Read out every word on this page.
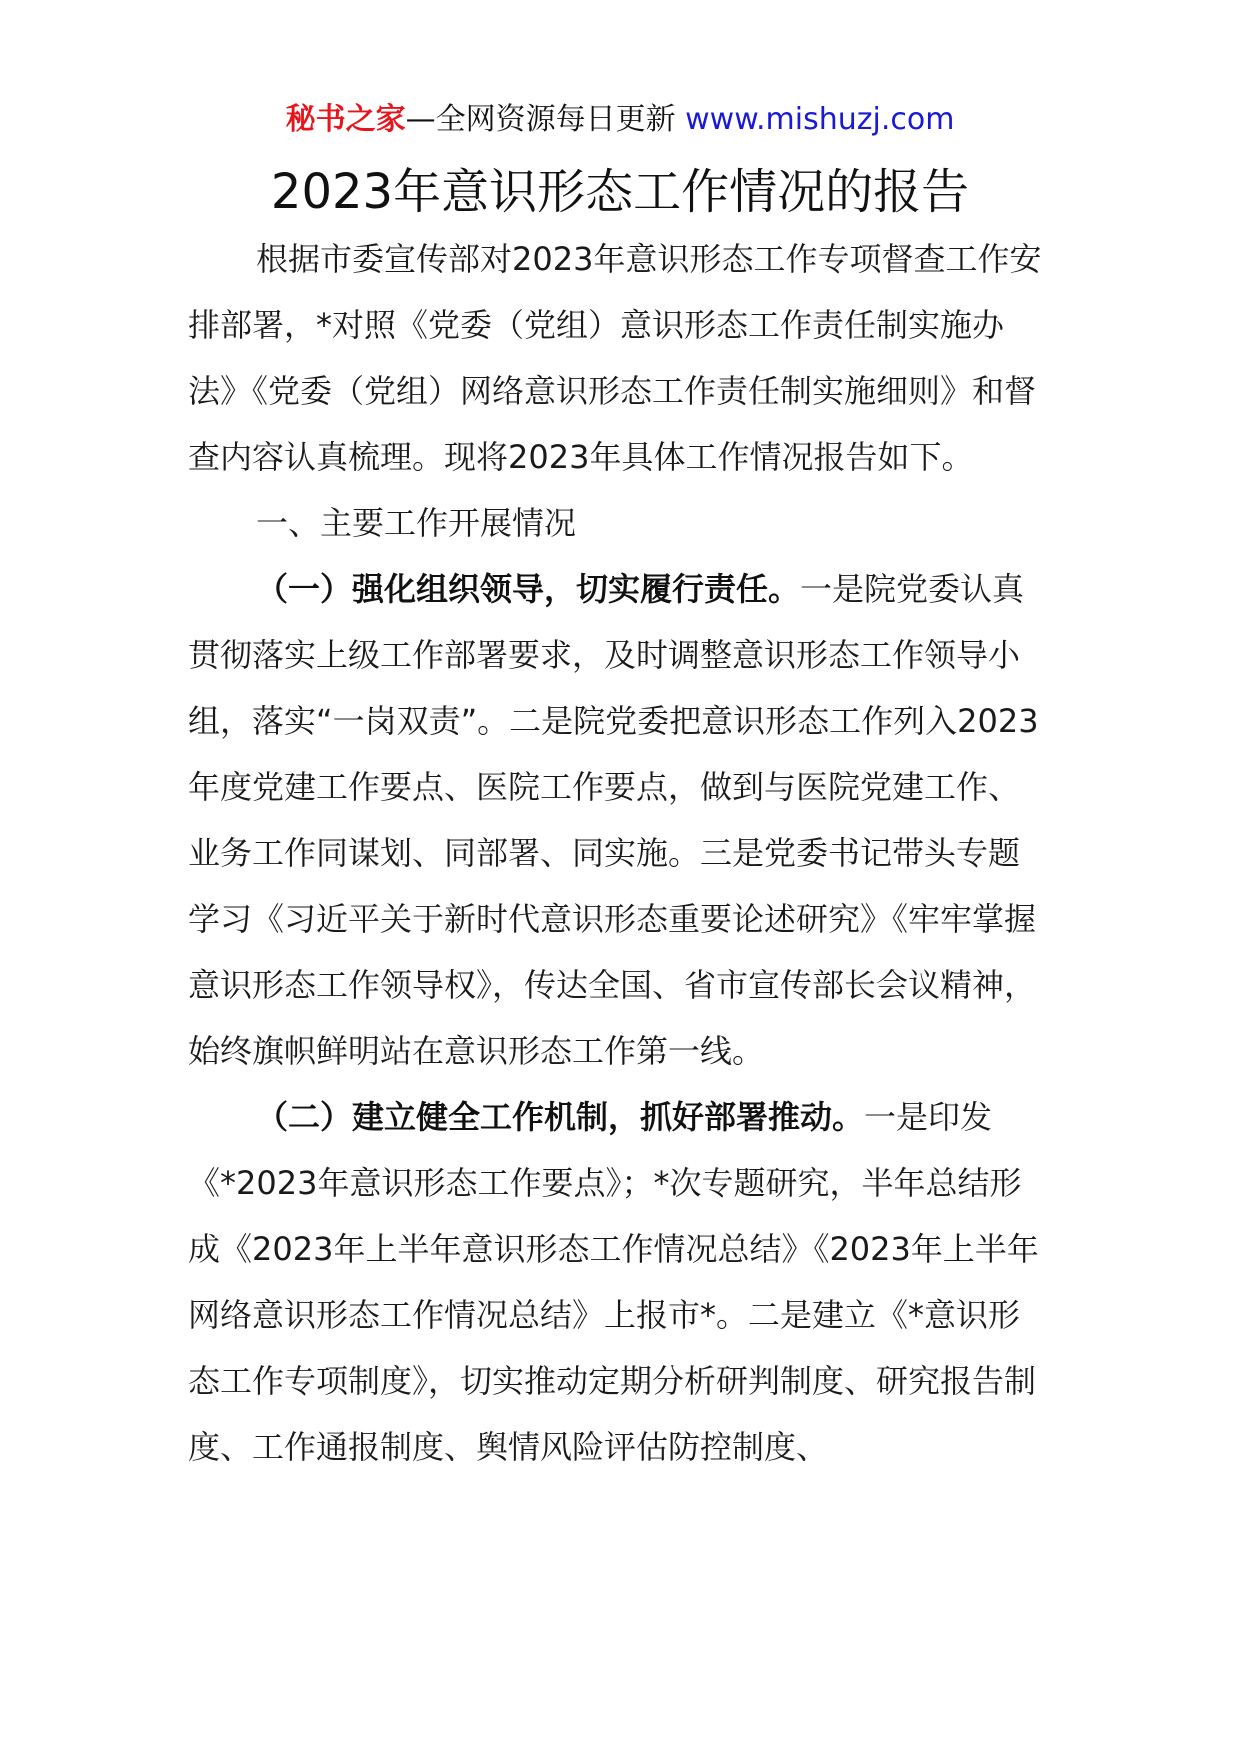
秘书之家—全网资源每日更新 www.mishuzj.com
2023年意识形态工作情况的报告

根据市委宣传部对2023年意识形态工作专项督查工作安排部署，*对照《党委（党组）意识形态工作责任制实施办法》《党委（党组）网络意识形态工作责任制实施细则》和督查内容认真梳理。现将2023年具体工作情况报告如下。

一、主要工作开展情况

（一）强化组织领导，切实履行责任。一是院党委认真贯彻落实上级工作部署要求，及时调整意识形态工作领导小组，落实“一岗双责”。二是院党委把意识形态工作列入2023年度党建工作要点、医院工作要点，做到与医院党建工作、业务工作同谋划、同部署、同实施。三是党委书记带头专题学习《习近平关于新时代意识形态重要论述研究》《牢牢掌握意识形态工作领导权》，传达全国、省市宣传部长会议精神，始终旗帜鲜明站在意识形态工作第一线。

（二）建立健全工作机制，抓好部署推动。一是印发《*2023年意识形态工作要点》；*次专题研究，半年总结形成《2023年上半年意识形态工作情况总结》《2023年上半年网络意识形态工作情况总结》上报市*。二是建立《*意识形态工作专项制度》，切实推动定期分析研判制度、研究报告制度、工作通报制度、舆情风险评估防控制度、
